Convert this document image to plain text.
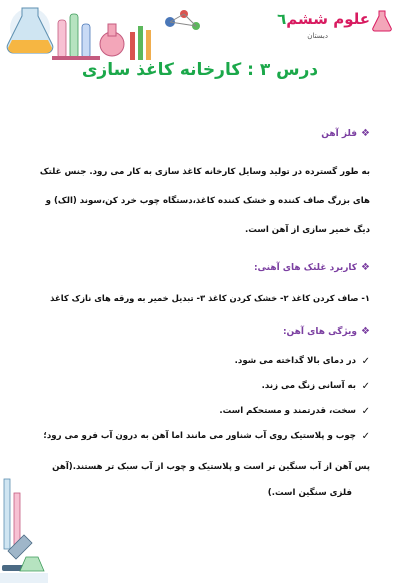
علوم ششم٦
دبستان
درس ۳ : کارخانه کاغذ سازی
❖
فلز آهن
به طور گسترده در تولید وسایل کارخانه کاغذ سازی به کار می رود. جنس غلتک
های بزرگ صاف کننده و خشک کننده کاغذ،دستگاه چوب خرد کن،سوند (الک) و
دیگ خمیر سازی از آهن است.
❖
کاربرد غلتک های آهنی:
۱- صاف کردن کاغذ ۲- خشک کردن کاغذ ۳- تبدیل خمیر به ورقه های نازک کاغذ
❖
ویژگی های آهن:
✓
در دمای بالا گداخته می شود.
✓
به آسانی زنگ می زند.
✓
سخت، قدرتمند و مستحکم است.
✓
چوب و پلاستیک روی آب شناور می مانند اما آهن به درون آب فرو می رود؛
پس آهن از آب سنگین تر است و پلاستیک و چوب از آب سبک تر هستند.(آهن
فلزی سنگین است.)
